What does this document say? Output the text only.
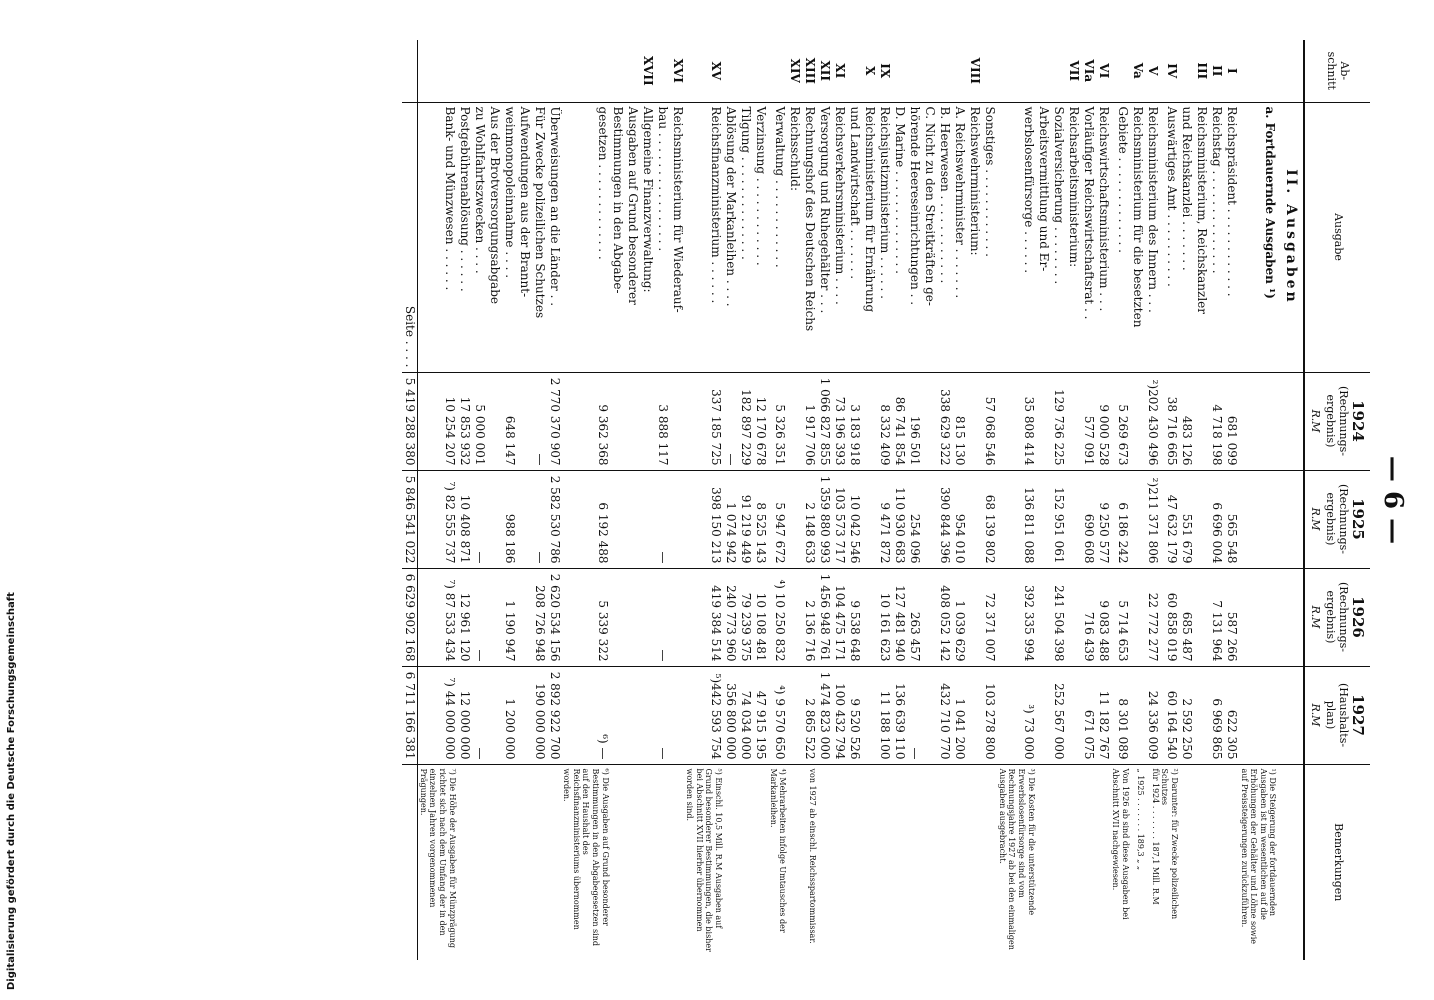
— 6 —
Ab-
schnitt	Ausgabe	1924
(Rechnungs-
ergebnis)
R.M	1925
(Rechnungs-
ergebnis)
R.M	1926
(Rechnungs-
ergebnis)
R.M	1927
(Haushalts-
plan)
R.M	Bemerkungen
	II. Ausgaben					
	a. Fortdauernde Ausgaben ¹)					¹) Die Steigerung der fortdauernden Ausgaben ist im wesentlichen auf die Erhöhungen der Gehälter und Löhne sowie auf Preissteigerungen zurückzuführen.
I	Reichspräsident . . . . . . . . . . . .	681 099	565 548	587 266	622 305	
II	Reichstag . . . . . . . . . . . . . .	4 718 198	6 696 004	7 131 964	6 969 865	
III	Reichsministerium, Reichskanzler					
	und Reichskanzlei . . . . . . .	483 126	551 679	685 487	2 592 250	
IV	Auswärtiges Amt . . . . . . . . . .	38 716 665	47 632 179	60 858 019	60 164 540	²) Darunter: für Zwecke polizeilichen Schutzes
V	Reichsministerium des Innern . . .	²)202 430 496	²)211 371 806	22 772 277	24 336 009	für 1924 . . . . . . . 187,1 Mill. R.M
Va	Reichsministerium für die besetzten					„ 1925 . . . . . . . 189,3 „ „
	Gebiete . . . . . . . . . . . . .	5 269 673	6 186 242	5 714 653	8 301 089	Von 1926 ab sind diese Ausgaben bei Abschnitt XVII nachgewiesen.
VI	Reichswirtschaftsministerium . . .	9 000 528	9 250 577	9 083 488	11 182 767	
VIa	Vorläufiger Reichswirtschaftsrat . .	577 091	690 608	716 439	671 075	
VII	Reichsarbeitsministerium:					
	Sozialversicherung . . . . . . . .	129 736 225	152 951 061	241 504 398	252 567 000	
	Arbeitsvermittlung und Er-					
	werbslosenfürsorge . . . . . .	35 808 414	136 811 088	392 335 994	³) 73 000	³) Die Kosten für die unterstützende Erwerbslosenfürsorge sind vom Rechnungsjahre 1927 ab bei den einmaligen Ausgaben ausgebracht.
	Sonstiges . . . . . . . . . . . .	57 068 546	68 139 802	72 371 007	103 278 800	
VIII	Reichswehrministerium:					
	A. Reichswehrminister . . . . . . .	815 130	954 010	1 039 629	1 041 200	
	B. Heerwesen . . . . . . . . . . . .	338 629 322	390 844 396	408 052 142	432 710 770	
	C. Nicht zu den Streitkräften ge-					
	hörende Heereseinrichtungen . .	196 501	254 096	263 457	—	
	D. Marine . . . . . . . . . . . . . .	86 741 854	110 930 683	127 481 940	136 639 110	
IX	Reichsjustizministerium . . . . . .	8 332 409	9 471 872	10 161 623	11 188 100	
X	Reichsministerium für Ernährung					
	und Landwirtschaft . . . . . . .	3 183 918	10 042 546	9 538 648	9 520 526	
XI	Reichsverkehrsministerium . . . .	73 196 393	103 573 717	104 475 171	100 432 794	
XII	Versorgung und Ruhegehälter . . .	1 066 827 855	1 359 880 993	1 456 948 761	1 474 823 000	
XIII	Rechnungshof des Deutschen Reichs	1 917 706	2 148 633	2 136 716	2 865 522	von 1927 ab einschl. Reichsspartommissar.
XIV	Reichsschuld:					
	Verwaltung . . . . . . . . . . . .	5 326 351	5 947 672	⁴) 10 250 832	⁴) 9 570 650	⁴) Mehrarbeiten infolge Umtausches der Markanleihen.
	Verzinsung . . . . . . . . . . . .	12 170 678	8 525 143	10 108 481	47 915 195	
	Tilgung . . . . . . . . . . . . . .	182 897 229	91 219 449	79 239 375	74 034 000	
	Ablösung der Markanleihen . . . .	—	1 074 942	240 773 960	356 800 000	
XV	Reichsfinanzministerium . . . . . .	337 185 725	398 150 213	419 384 514	⁵)442 593 754	⁵) Einschl. 10,5 Mill. R.M Ausgaben auf Grund besonderer Bestimmungen, die bisher bei Abschnitt XVII hierher übernommen worden sind.
XVI	Reichsministerium für Wiederauf-					
	bau . . . . . . . . . . . . . . . .	3 888 117	—	—	—	
XVII	Allgemeine Finanzverwaltung:					
	Ausgaben auf Grund besonderer					
	Bestimmungen in den Abgabe-					
	gesetzen . . . . . . . . . . . . .	9 362 368	6 192 488	5 339 322	⁶) —	⁶) Die Ausgaben auf Grund besonderer Bestimmungen in den Abgabegesetzen sind auf den Haushalt des Reichsfinanzministeriums übernommen worden.
	Überweisungen an die Länder . .	2 770 370 907	2 582 530 786	2 620 534 156	2 892 922 700	
	Für Zwecke polizeilichen Schutzes	—	—	208 726 948	190 000 000	
	Aufwendungen aus der Brannt-					
	weinmonopoleinnahme . . . .	648 147	988 186	1 190 947	1 200 000	
	Aus der Brotversorgungsabgabe					
	zu Wohlfahrtszwecken . . . .	5 000 001	—	—	—	
	Postgebührenablösung . . . . . .	17 853 932	10 408 871	12 961 120	12 000 000	
	Bank- und Münzwesen . . . . . .	10 254 207	⁷) 82 555 737	⁷) 87 533 434	⁷) 44 000 000	⁷) Die Höhe der Ausgaben für Münzprägung richtet sich nach dem Umfang der in den einzelnen Jahren vorgenommenen Prägungen.
	Seite . . . .	5 419 288 380	5 846 541 022	6 629 902 168	6 711 166 381	
Digitalisierung gefördert durch die Deutsche Forschungsgemeinschaft
